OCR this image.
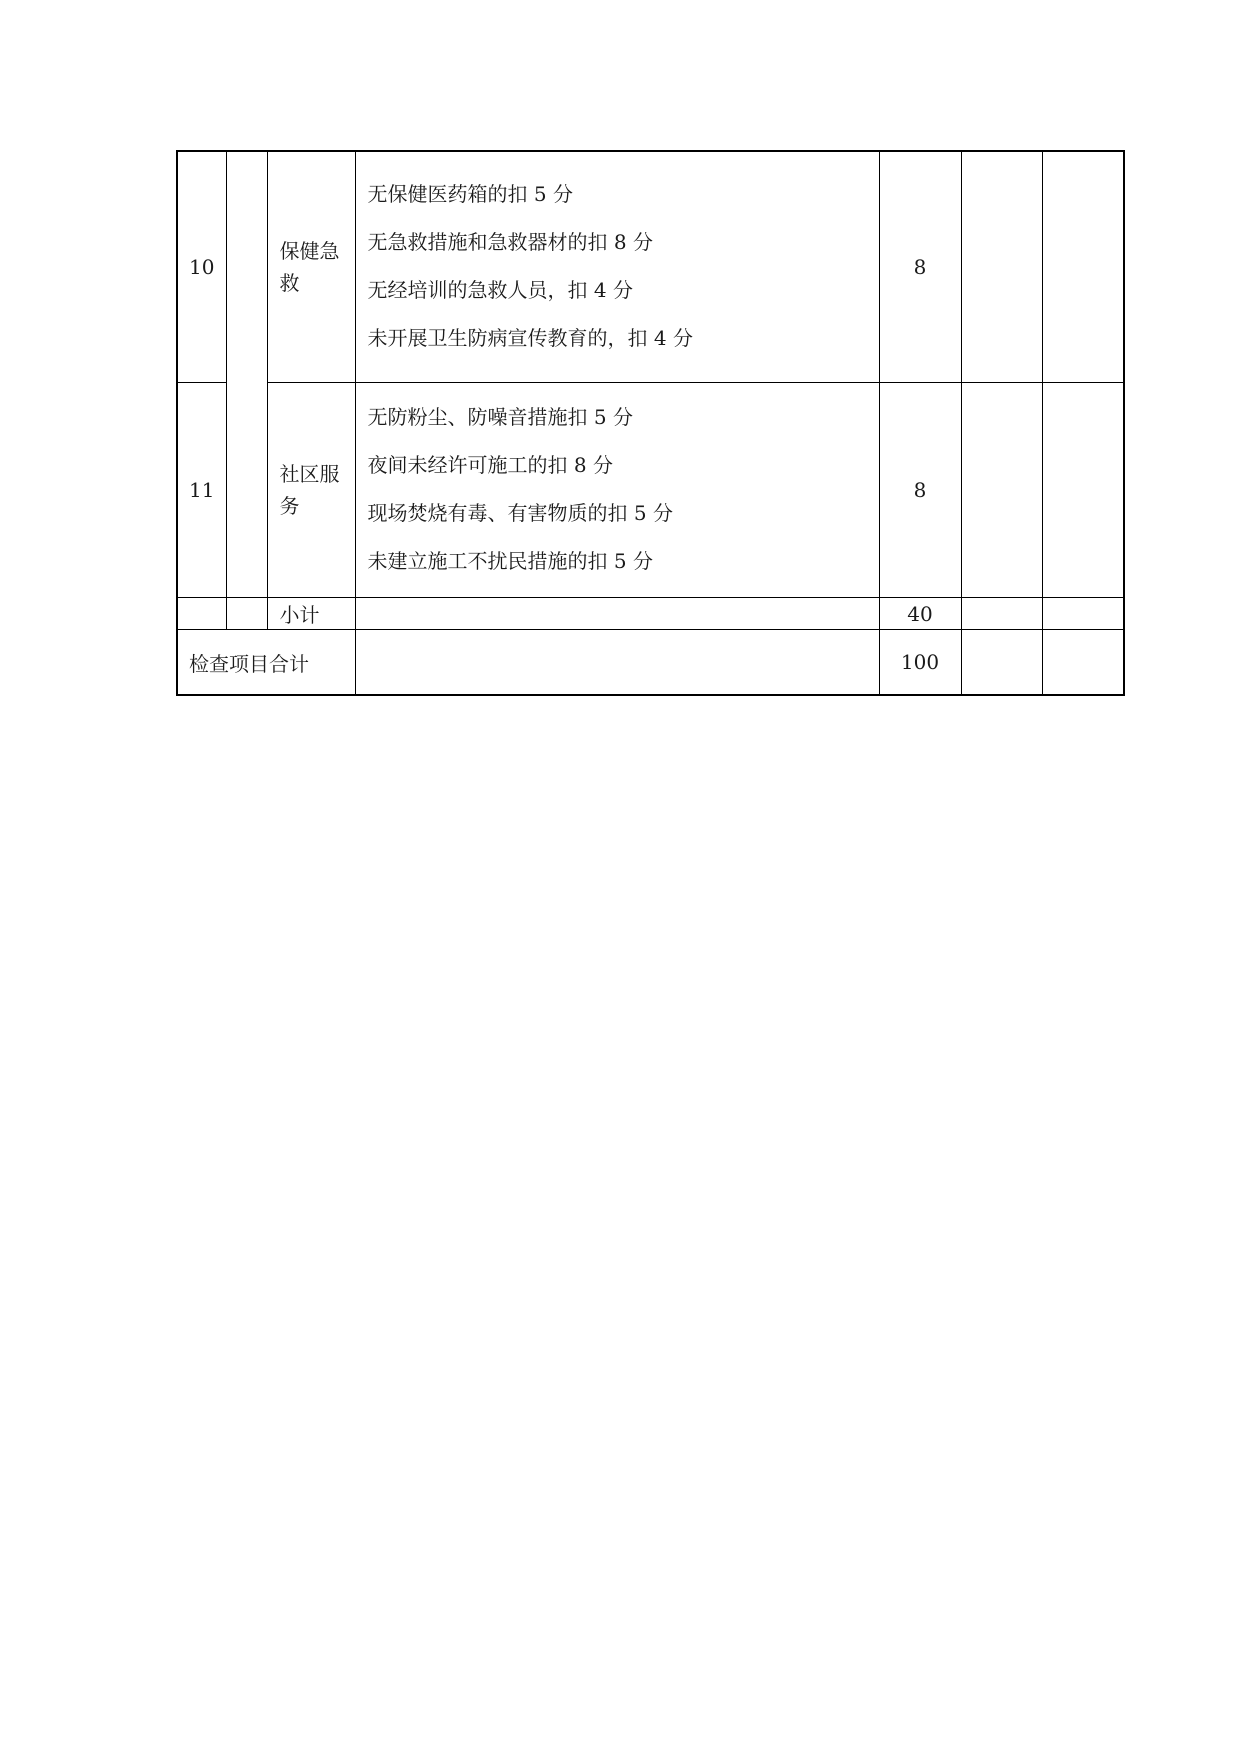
10		保健急救	无保健医药箱的扣 5 分

无急救措施和急救器材的扣 8 分

无经培训的急救人员，扣 4 分

未开展卫生防病宣传教育的，扣 4 分	8		
11		社区服务	无防粉尘、防噪音措施扣 5 分

夜间未经许可施工的扣 8 分

现场焚烧有毒、有害物质的扣 5 分

未建立施工不扰民措施的扣 5 分	8		
		小计		40		
检查项目合计				100		
